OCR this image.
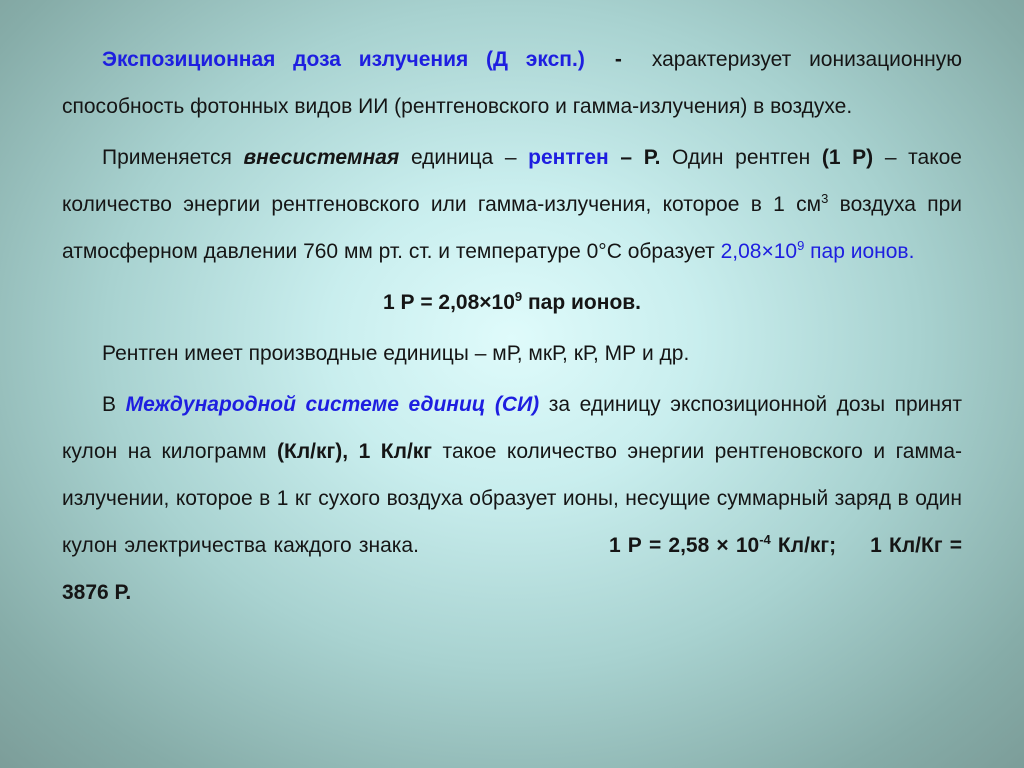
Экспозиционная доза излучения (Д эксп.) - характеризует ионизационную способность фотонных видов ИИ (рентгеновского и гамма-излучения) в воздухе.

Применяется внесистемная единица – рентген – Р. Один рентген (1 Р) – такое количество энергии рентгеновского или гамма-излучения, которое в 1 $см^3$ воздуха при атмосферном давлении 760 мм рт. ст. и температуре 0°С образует $2,08\times 10^9$ пар ионов.

1 $Р = 2,08\times 10^9$ пар ионов.

Рентген имеет производные единицы – мР, мкР, кР, МР и др.

В Международной системе единиц (СИ) за единицу экспозиционной дозы принят кулон на килограмм (Кл/кг), 1 Кл/кг такое количество энергии рентгеновского и гамма-излучении, которое в 1 кг сухого воздуха образует ионы, несущие суммарный заряд в один кулон электричества каждого знака.	1 $Р = 2,58 \times 10^{-4}$ Кл/кг; 1 Кл/Кг = 3876 Р.
